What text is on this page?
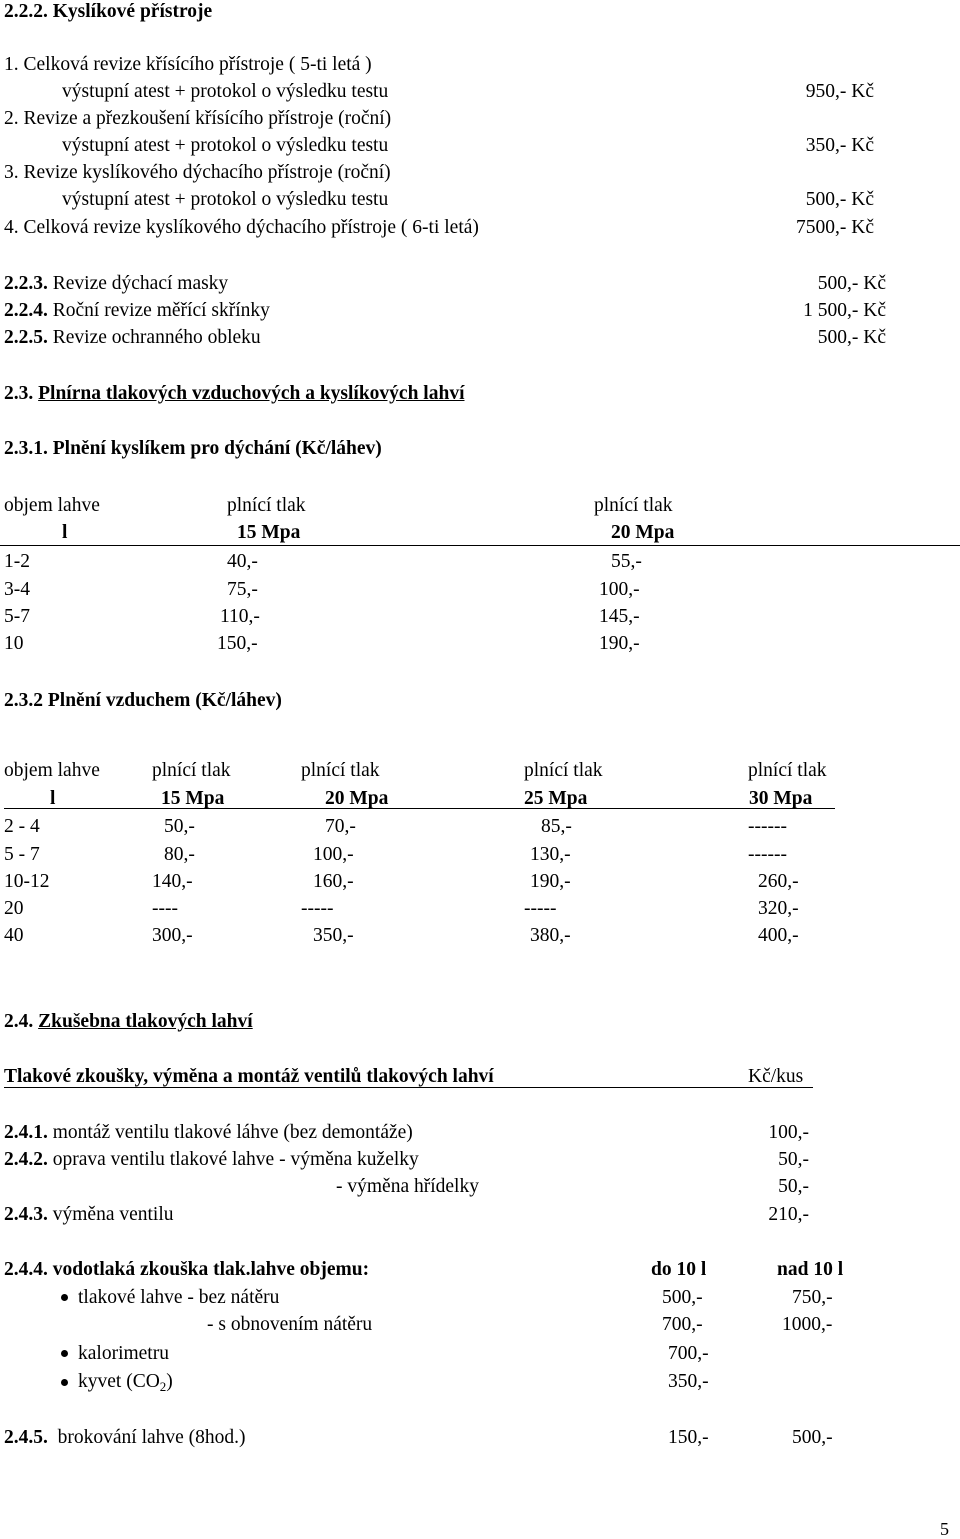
2.2.2. Kyslíkové přístroje
1. Celková revize křísícího přístroje ( 5-ti letá )
výstupní atest + protokol o výsledku testu	950,- Kč
2. Revize a přezkoušení křísícího přístroje (roční)
výstupní atest + protokol o výsledku testu	350,- Kč
3. Revize kyslíkového dýchacího přístroje (roční)
výstupní atest + protokol o výsledku testu	500,- Kč
4. Celková revize kyslíkového dýchacího přístroje ( 6-ti letá)	7500,- Kč
2.2.3. Revize dýchací masky	500,- Kč
2.2.4. Roční revize měřící skřínky	1 500,- Kč
2.2.5. Revize ochranného obleku	500,- Kč
2.3. Plnírna tlakových vzduchových a kyslíkových lahví
2.3.1. Plnění kyslíkem pro dýchání (Kč/láhev)
objem lahve	plnící tlak	plnící tlak
l	15 Mpa	20 Mpa
1-2	40,-	55,-
3-4	75,-	100,-
5-7	110,-	145,-
10	150,-	190,-
2.3.2 Plnění vzduchem (Kč/láhev)
objem lahve	plnící tlak	plnící tlak	plnící tlak	plnící tlak
l	15 Mpa	20 Mpa	25 Mpa	30 Mpa
2 - 4	50,-	70,-	85,-	------
5 - 7	80,-	100,-	130,-	------
10-12	140,-	160,-	190,-	260,-
20	----	-----	-----	320,-
40	300,-	350,-	380,-	400,-
2.4. Zkušebna tlakových lahví
Tlakové zkoušky, výměna a montáž ventilů tlakových lahví	Kč/kus
2.4.1. montáž ventilu tlakové láhve (bez demontáže)	100,-
2.4.2. oprava ventilu tlakové lahve - výměna kuželky	50,-
- výměna hřídelky	50,-
2.4.3. výměna ventilu	210,-
2.4.4. vodotlaká zkouška tlak.lahve objemu:	do 10 l	nad 10 l
tlakové lahve - bez nátěru	500,-	750,-
- s obnovením nátěru	700,-	1000,-
kalorimetru	700,-
kyvet $(CO_2)$	350,-
2.4.5. brokování lahve (8hod.)	150,-	500,-
5
